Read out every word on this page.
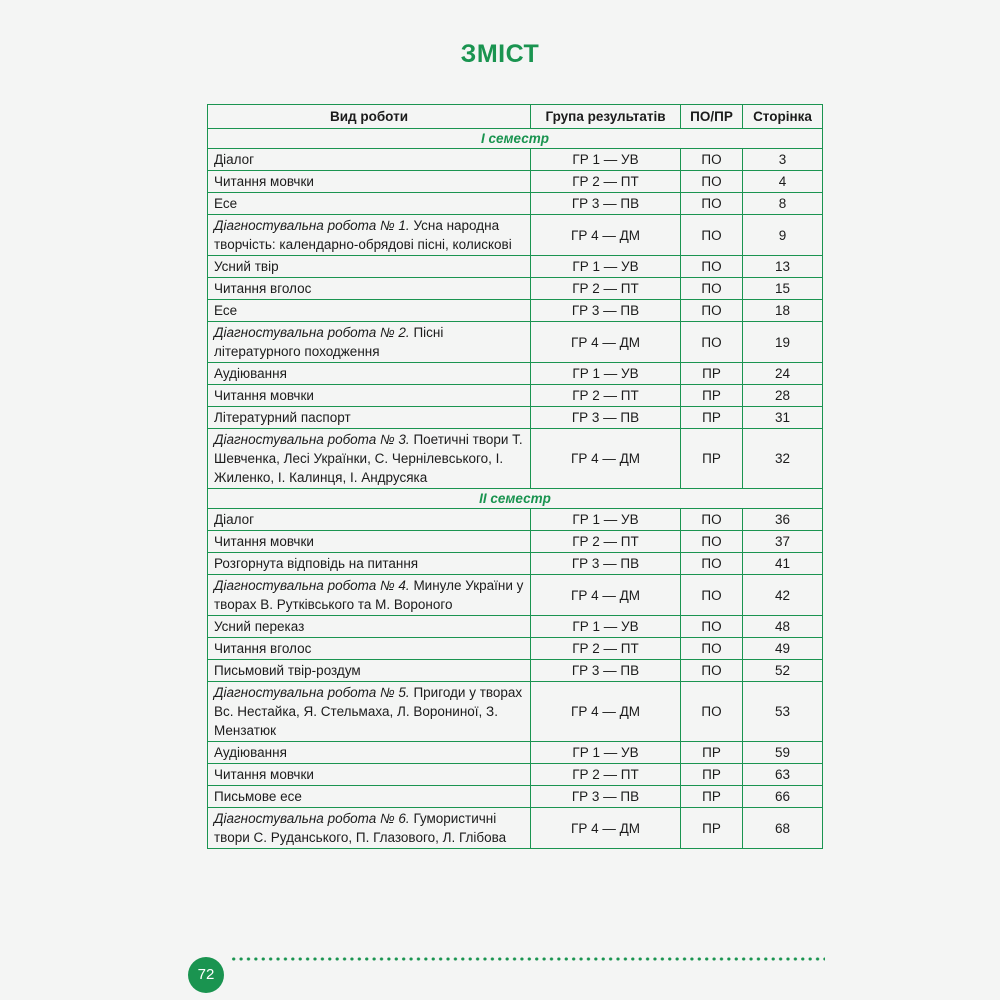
ЗМІСТ
Вид роботи	Група результатів	ПО/ПР	Сторінка
І семестр			
Діалог	ГР 1 — УВ	ПО	3
Читання мовчки	ГР 2 — ПТ	ПО	4
Есе	ГР 3 — ПВ	ПО	8
Діагностувальна робота № 1. Усна народна творчість: календарно-обрядові пісні, колискові	ГР 4 — ДМ	ПО	9
Усний твір	ГР 1 — УВ	ПО	13
Читання вголос	ГР 2 — ПТ	ПО	15
Есе	ГР 3 — ПВ	ПО	18
Діагностувальна робота № 2. Пісні літературного походження	ГР 4 — ДМ	ПО	19
Аудіювання	ГР 1 — УВ	ПР	24
Читання мовчки	ГР 2 — ПТ	ПР	28
Літературний паспорт	ГР 3 — ПВ	ПР	31
Діагностувальна робота № 3. Поетичні твори Т. Шевченка, Лесі Українки, С. Чернілевського, І. Жиленко, І. Калинця, І. Андрусяка	ГР 4 — ДМ	ПР	32
ІІ семестр			
Діалог	ГР 1 — УВ	ПО	36
Читання мовчки	ГР 2 — ПТ	ПО	37
Розгорнута відповідь на питання	ГР 3 — ПВ	ПО	41
Діагностувальна робота № 4. Минуле України у творах В. Рутківського та М. Вороного	ГР 4 — ДМ	ПО	42
Усний переказ	ГР 1 — УВ	ПО	48
Читання вголос	ГР 2 — ПТ	ПО	49
Письмовий твір-роздум	ГР 3 — ПВ	ПО	52
Діагностувальна робота № 5. Пригоди у творах Вс. Нестайка, Я. Стельмаха, Л. Ворониної, З. Мензатюк	ГР 4 — ДМ	ПО	53
Аудіювання	ГР 1 — УВ	ПР	59
Читання мовчки	ГР 2 — ПТ	ПР	63
Письмове есе	ГР 3 — ПВ	ПР	66
Діагностувальна робота № 6. Гумористичні твори С. Руданського, П. Глазового, Л. Глібова	ГР 4 — ДМ	ПР	68
72
